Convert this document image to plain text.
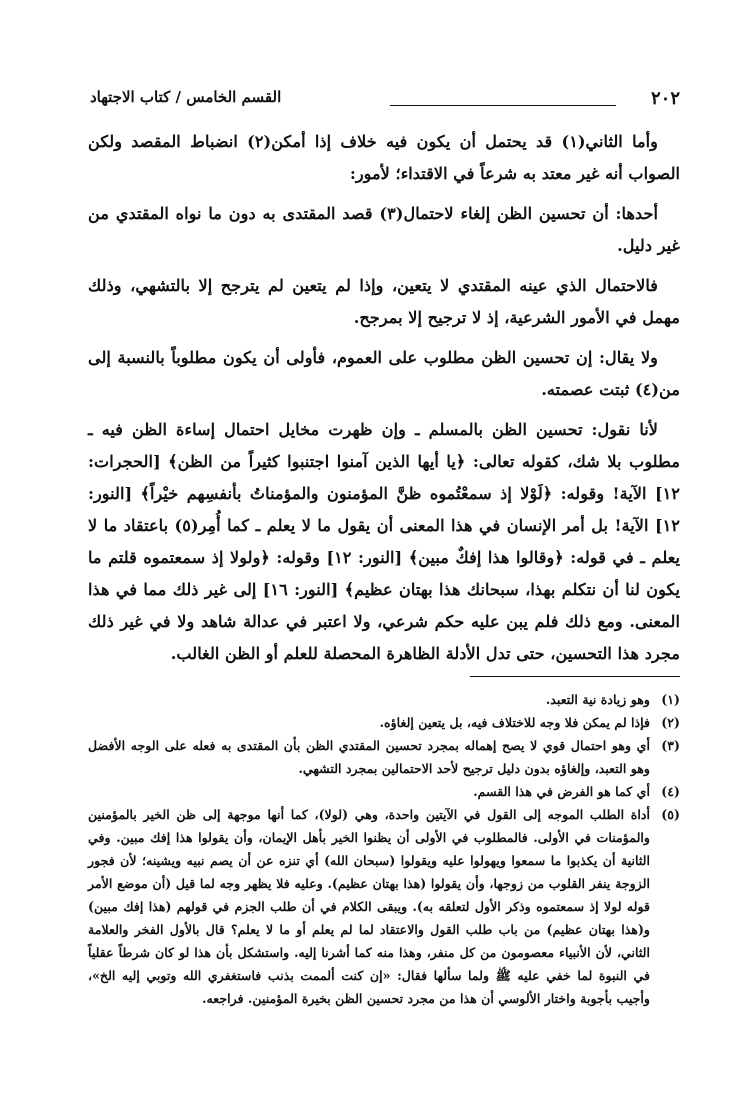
٢٠٢
القسم الخامس / كتاب الاجتهاد

وأما الثاني(١) قد يحتمل أن يكون فيه خلاف إذا أمكن(٢) انضباط المقصد ولكن الصواب أنه غير معتد به شرعاً في الاقتداء؛ لأمور:

أحدها: أن تحسين الظن إلغاء لاحتمال(٣) قصد المقتدى به دون ما نواه المقتدي من غير دليل.

فالاحتمال الذي عينه المقتدي لا يتعين، وإذا لم يتعين لم يترجح إلا بالتشهي، وذلك مهمل في الأمور الشرعية، إذ لا ترجيح إلا بمرجح.

ولا يقال: إن تحسين الظن مطلوب على العموم، فأولى أن يكون مطلوباً بالنسبة إلى من(٤) ثبتت عصمته.

لأنا نقول: تحسين الظن بالمسلم ـ وإن ظهرت مخايل احتمال إساءة الظن فيه ـ مطلوب بلا شك، كقوله تعالى: ﴿يا أيها الذين آمنوا اجتنبوا كثيراً من الظن﴾ [الحجرات: ١٢] الآية! وقوله: ﴿لَوْلا إذ سمعْتُموه ظنَّ المؤمنون والمؤمناتُ بأنفسِهم خيْراً﴾ [النور: ١٢] الآية! بل أمر الإنسان في هذا المعنى أن يقول ما لا يعلم ـ كما أُمِر(٥) باعتقاد ما لا يعلم ـ في قوله: ﴿وقالوا هذا إفكٌ مبين﴾ [النور: ١٢] وقوله: ﴿ولولا إذ سمعتموه قلتم ما يكون لنا أن نتكلم بهذا، سبحانك هذا بهتان عظيم﴾ [النور: ١٦] إلى غير ذلك مما في هذا المعنى. ومع ذلك فلم يبن عليه حكم شرعي، ولا اعتبر في عدالة شاهد ولا في غير ذلك مجرد هذا التحسين، حتى تدل الأدلة الظاهرة المحصلة للعلم أو الظن الغالب.

(١)
وهو زيادة نية التعبد.
(٢)
فإذا لم يمكن فلا وجه للاختلاف فيه، بل يتعين إلغاؤه.
(٣)
أي وهو احتمال قوي لا يصح إهماله بمجرد تحسين المقتدي الظن بأن المقتدى به فعله على الوجه الأفضل وهو التعبد، وإلغاؤه بدون دليل ترجيح لأحد الاحتمالين بمجرد التشهي.
(٤)
أي كما هو الفرض في هذا القسم.
(٥)
أداة الطلب الموجه إلى القول في الآيتين واحدة، وهي (لولا)، كما أنها موجهة إلى ظن الخير بالمؤمنين والمؤمنات في الأولى. فالمطلوب في الأولى أن يظنوا الخير بأهل الإيمان، وأن يقولوا هذا إفك مبين. وفي الثانية أن يكذبوا ما سمعوا ويهولوا عليه ويقولوا (سبحان الله) أي تنزه عن أن يصم نبيه ويشينه؛ لأن فجور الزوجة ينفر القلوب من زوجها، وأن يقولوا (هذا بهتان عظيم). وعليه فلا يظهر وجه لما قيل (أن موضع الأمر قوله لولا إذ سمعتموه وذكر الأول لتعلقه به). ويبقى الكلام في أن طلب الجزم في قولهم (هذا إفك مبين) و(هذا بهتان عظيم) من باب طلب القول والاعتقاد لما لم يعلم أو ما لا يعلم؟ قال بالأول الفخر والعلامة الثاني، لأن الأنبياء معصومون من كل منفر، وهذا منه كما أشرنا إليه. واستشكل بأن هذا لو كان شرطاً عقلياً في النبوة لما خفي عليه ﷺ ولما سألها فقال: «إن كنت ألممت بذنب فاستغفري الله وتوبي إليه الخ»، وأجيب بأجوبة واختار الألوسي أن هذا من مجرد تحسين الظن بخيرة المؤمنين. فراجعه.
